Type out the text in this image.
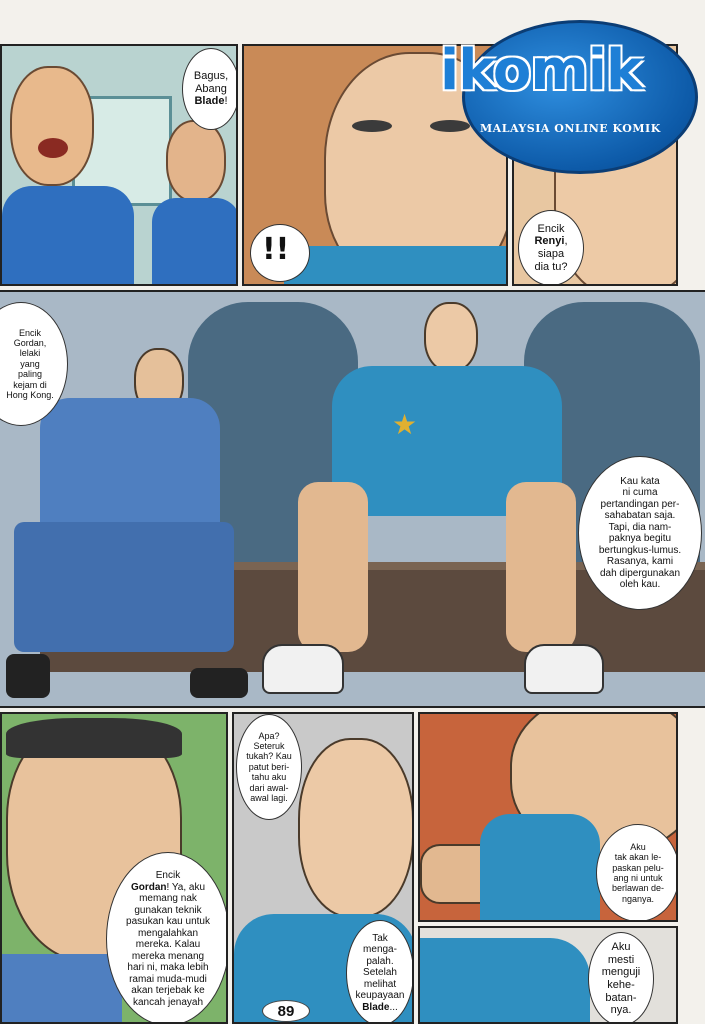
Bagus,
Abang
Blade!
!!
Encik
Renyi,
siapa
dia tu?
ikomik
MALAYSIA ONLINE KOMIK
★
Encik
Gordan,
lelaki
yang
paling
kejam di
Hong Kong.
Kau kata
ni cuma
pertandingan per-
sahabatan saja.
Tapi, dia nam-
paknya begitu
bertungkus-lumus.
Rasanya, kami
dah dipergunakan
oleh kau.
Encik
Gordan! Ya, aku
memang nak
gunakan teknik
pasukan kau untuk
mengalahkan
mereka. Kalau
mereka menang
hari ni, maka lebih
ramai muda-mudi
akan terjebak ke
kancah jenayah
Apa?
Seteruk
tukah? Kau
patut beri-
tahu aku
dari awal-
awal lagi.
Tak
menga-
palah.
Setelah
melihat
keupayaan
Blade...
Aku
tak akan le-
paskan pelu-
ang ni untuk
berlawan de-
nganya.
Aku
mesti
menguji
kehe-
batan-
nya.
89
